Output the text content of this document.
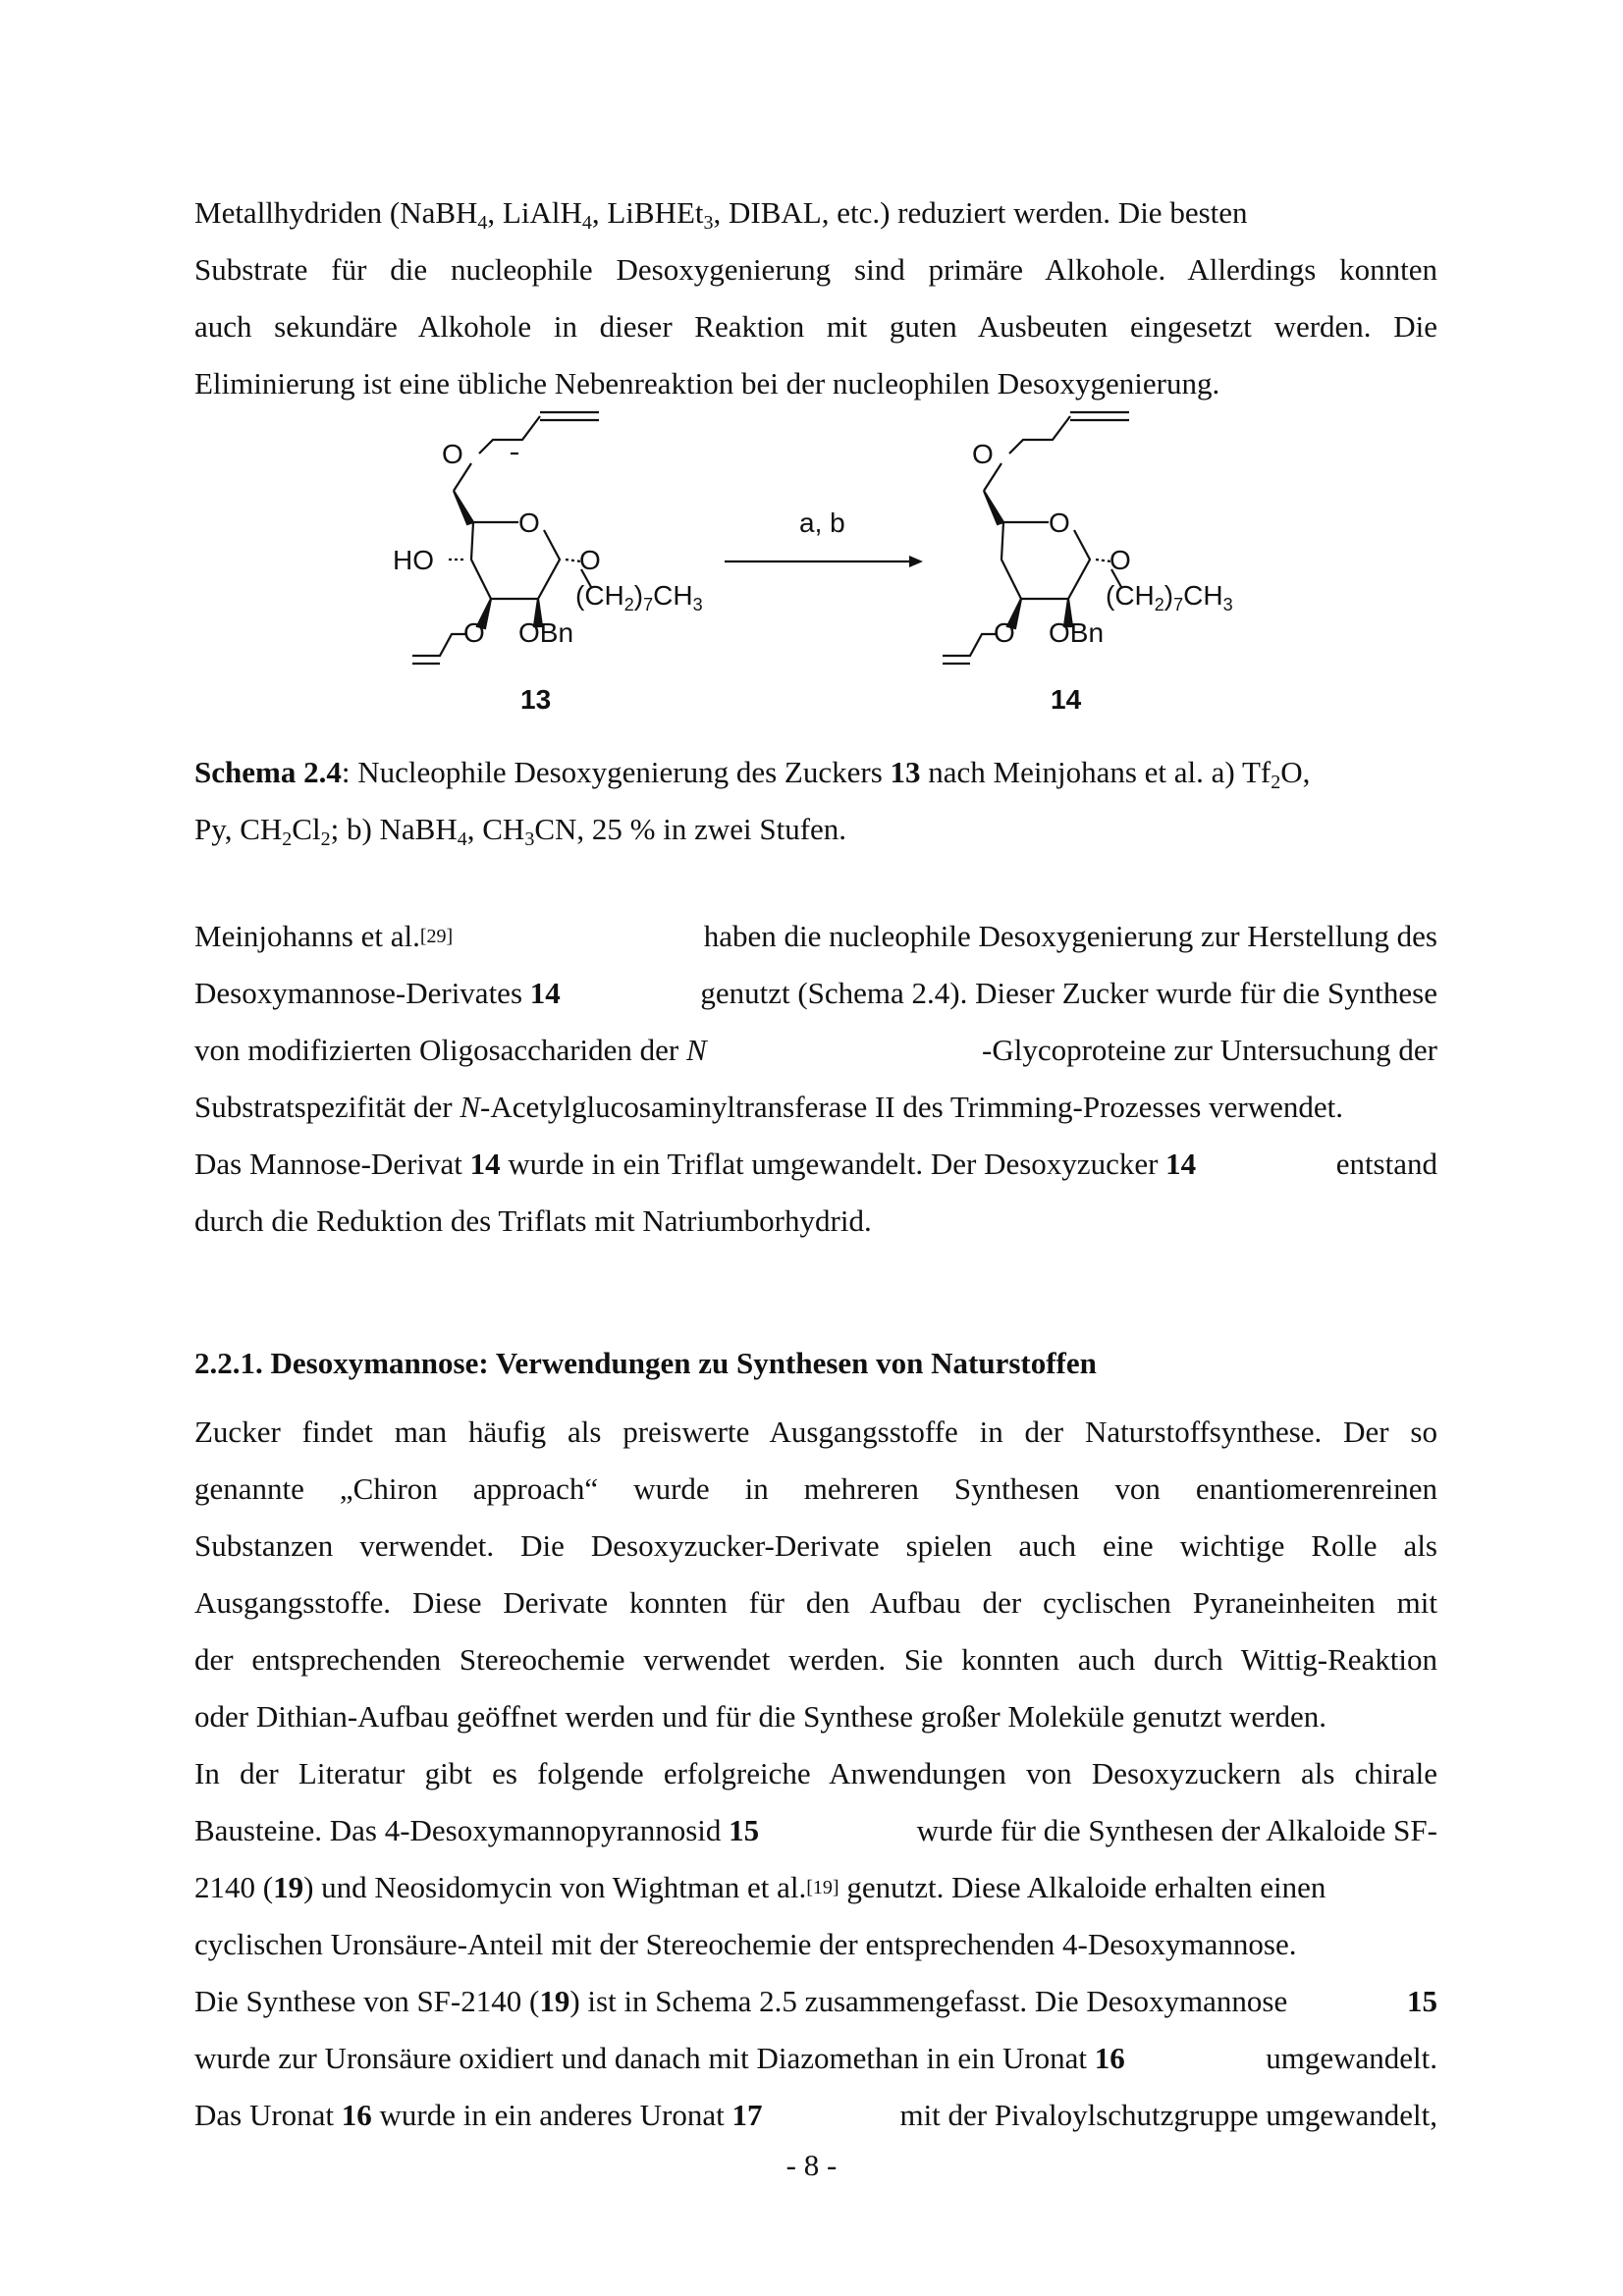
Metallhydriden (NaBH$_4$, LiAlH$_4$, LiBHEt$_3$, DIBAL, etc.) reduziert werden. Die besten
Substrate für die nucleophile Desoxygenierung sind primäre Alkohole. Allerdings konnten
auch sekundäre Alkohole in dieser Reaktion mit guten Ausbeuten eingesetzt werden. Die
Eliminierung ist eine übliche Nebenreaktion bei der nucleophilen Desoxygenierung.
O
O
HO	O
$(CH_2)_7CH_3$
O OBn
13
a, b
O
O
O
$(CH_2)_7CH_3$
O OBn
14
Schema 2.4: Nucleophile Desoxygenierung des Zuckers 13 nach Meinjohans et al. a) $Tf_2O$,
Py, $CH_2Cl_2$; b) NaBH$_4$, $CH_3CN$, 25 % in zwei Stufen.
Meinjohanns et al.[29]	haben die nucleophile Desoxygenierung zur Herstellung des
Desoxymannose-Derivates 14	genutzt (Schema 2.4). Dieser Zucker wurde für die Synthese
von modifizierten Oligosacchariden der N	-Glycoproteine zur Untersuchung der
Substratspezifität der N-Acetylglucosaminyltransferase II des Trimming-Prozesses verwendet.
Das Mannose-Derivat 14 wurde in ein Triflat umgewandelt. Der Desoxyzucker 14	entstand
durch die Reduktion des Triflats mit Natriumborhydrid.
2.2.1. Desoxymannose: Verwendungen zu Synthesen von Naturstoffen
Zucker findet man häufig als preiswerte Ausgangsstoffe in der Naturstoffsynthese. Der so
genannte „Chiron approach“ wurde in mehreren Synthesen von enantiomerenreinen
Substanzen verwendet. Die Desoxyzucker-Derivate spielen auch eine wichtige Rolle als
Ausgangsstoffe. Diese Derivate konnten für den Aufbau der cyclischen Pyraneinheiten mit
der entsprechenden Stereochemie verwendet werden. Sie konnten auch durch Wittig-Reaktion
oder Dithian-Aufbau geöffnet werden und für die Synthese großer Moleküle genutzt werden.
In der Literatur gibt es folgende erfolgreiche Anwendungen von Desoxyzuckern als chirale
Bausteine. Das 4-Desoxymannopyrannosid 15	wurde für die Synthesen der Alkaloide SF-
2140 (19) und Neosidomycin von Wightman et al.[19] genutzt. Diese Alkaloide erhalten einen
cyclischen Uronsäure-Anteil mit der Stereochemie der entsprechenden 4-Desoxymannose.
Die Synthese von SF-2140 (19) ist in Schema 2.5 zusammengefasst. Die Desoxymannose	15
wurde zur Uronsäure oxidiert und danach mit Diazomethan in ein Uronat 16	umgewandelt.
Das Uronat 16 wurde in ein anderes Uronat 17	mit der Pivaloylschutzgruppe umgewandelt,
- 8 -
